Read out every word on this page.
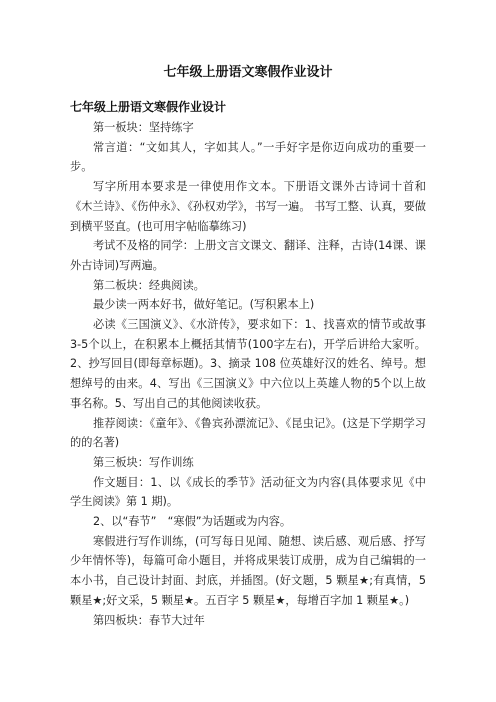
七年级上册语文寒假作业设计
七年级上册语文寒假作业设计

第一板块：坚持练字

常言道：“文如其人，字如其人。”一手好字是你迈向成功的重要一步。

写字所用本要求是一律使用作文本。下册语文课外古诗词十首和《木兰诗》、《伤仲永》、《孙权劝学》，书写一遍。 书写工整、认真，要做到横平竖直。(也可用字帖临摹练习)

考试不及格的同学：上册文言文课文、翻译、注释，古诗(14课、课外古诗词)写两遍。

第二板块：经典阅读。

最少读一两本好书，做好笔记。(写积累本上)

必读《三国演义》、《水浒传》，要求如下：1、找喜欢的情节或故事3-5个以上，在积累本上概括其情节(100字左右)，开学后讲给大家听。2、抄写回目(即每章标题)。3、摘录 108 位英雄好汉的姓名、绰号。想想绰号的由来。4、写出《三国演义》中六位以上英雄人物的5个以上故事名称。5、写出自己的其他阅读收获。

推荐阅读：《童年》、《鲁宾孙漂流记》、《昆虫记》。(这是下学期学习的的名著)

第三板块：写作训练

作文题目：1、以《成长的季节》活动征文为内容(具体要求见《中学生阅读》第 1 期)。

2、以“春节”　“寒假”为话题或为内容。

寒假进行写作训练，(可写每日见闻、随想、读后感、观后感、抒写少年情怀等)，每篇可命小题目，并将成果装订成册，成为自己编辑的一本小书，自己设计封面、封底，并插图。(好文题，5 颗星★;有真情，5 颗星★;好文采，5 颗星★。五百字 5 颗星★，每增百字加 1 颗星★。)

第四板块：春节大过年
